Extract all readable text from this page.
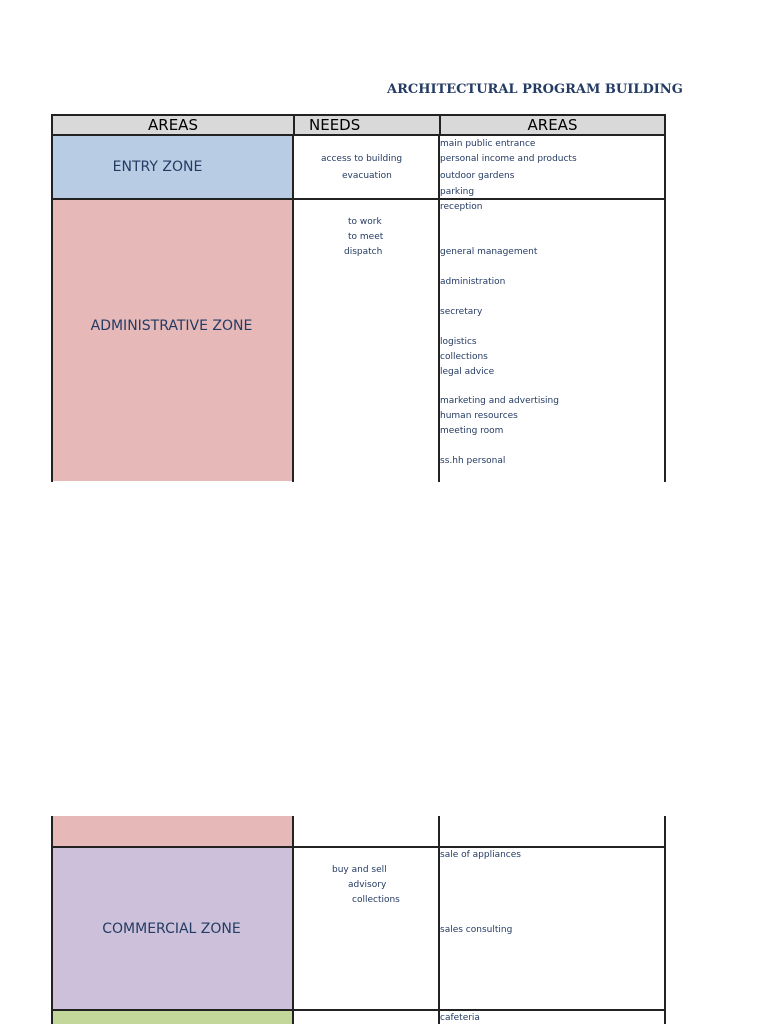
ARCHITECTURAL PROGRAM BUILDING
AREAS	NEEDS	AREAS
ENTRY ZONE
ADMINISTRATIVE ZONE
access to building
evacuation
main public entrance
personal income and products
outdoor gardens
parking
to work
to meet
dispatch
reception
general management
administration
secretary
logistics
collections
legal advice
marketing and advertising
human resources
meeting room
ss.hh personal
COMMERCIAL ZONE
buy and sell
advisory
collections
sale of appliances
sales consulting
cafeteria
